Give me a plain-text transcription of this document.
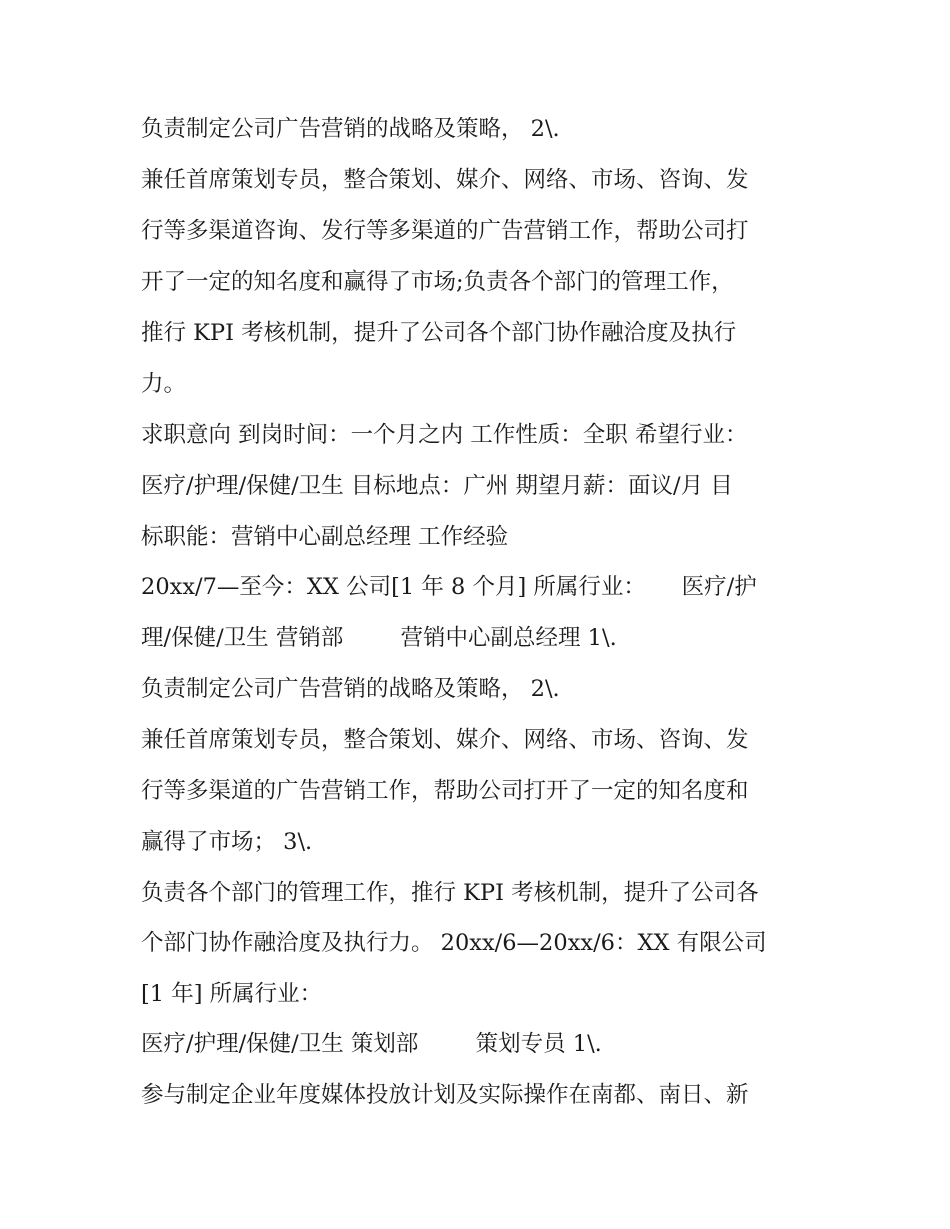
负责制定公司广告营销的战略及策略， 2\.
兼任首席策划专员，整合策划、媒介、网络、市场、咨询、发
行等多渠道咨询、发行等多渠道的广告营销工作，帮助公司打
开了一定的知名度和赢得了市场;负责各个部门的管理工作，
推行 KPI 考核机制，提升了公司各个部门协作融洽度及执行
力。
求职意向 到岗时间：一个月之内 工作性质：全职 希望行业：
医疗/护理/保健/卫生 目标地点：广州 期望月薪：面议/月 目
标职能：营销中心副总经理 工作经验
20xx/7—至今：XX 公司[1 年 8 个月] 所属行业：     医疗/护
理/保健/卫生 营销部        营销中心副总经理 1\.
负责制定公司广告营销的战略及策略， 2\.
兼任首席策划专员，整合策划、媒介、网络、市场、咨询、发
行等多渠道的广告营销工作，帮助公司打开了一定的知名度和
赢得了市场； 3\.
负责各个部门的管理工作，推行 KPI 考核机制，提升了公司各
个部门协作融洽度及执行力。 20xx/6—20xx/6：XX 有限公司
[1 年] 所属行业：
医疗/护理/保健/卫生 策划部        策划专员 1\.
参与制定企业年度媒体投放计划及实际操作在南都、南日、新
